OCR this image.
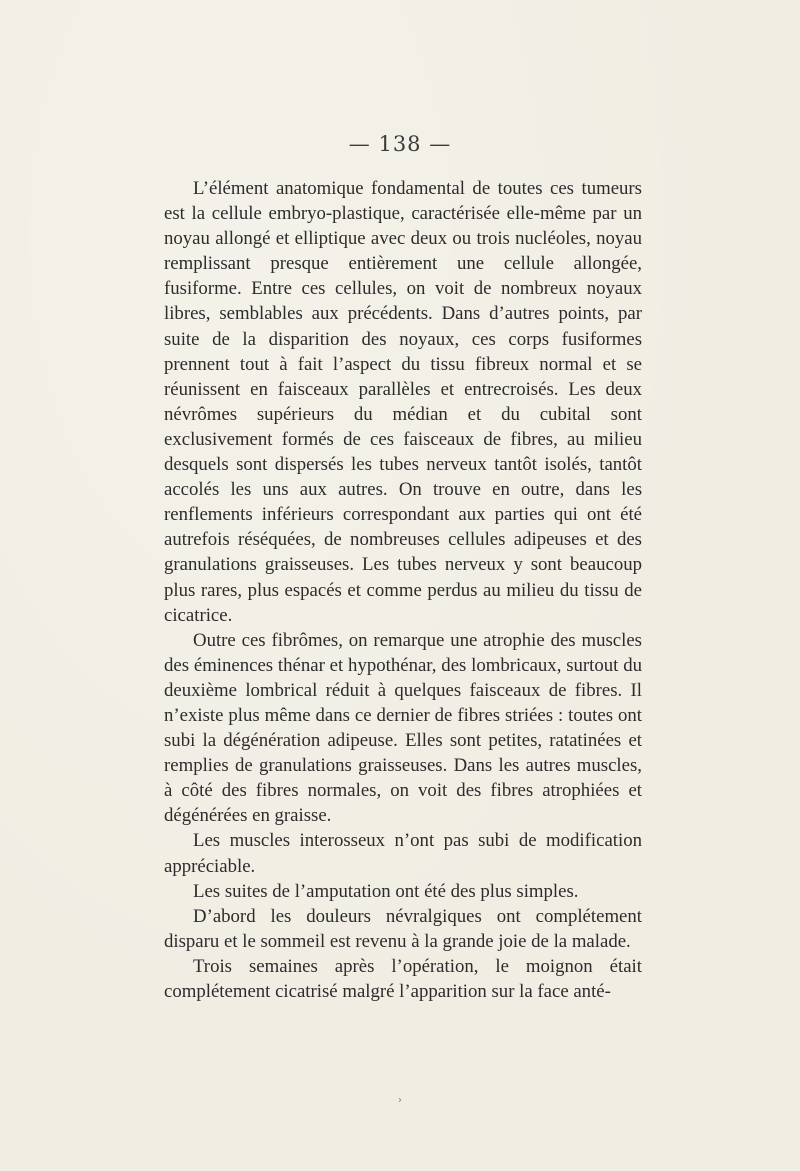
— 138 —

L’élément anatomique fondamental de toutes ces tumeurs est la cellule embryo-plastique, caractérisée elle-même par un noyau allongé et elliptique avec deux ou trois nucléoles, noyau remplissant presque entièrement une cellule allongée, fusiforme. Entre ces cellules, on voit de nombreux noyaux libres, semblables aux précédents. Dans d’autres points, par suite de la disparition des noyaux, ces corps fusiformes prennent tout à fait l’aspect du tissu fibreux normal et se réunissent en faisceaux parallèles et entrecroisés. Les deux névrômes supérieurs du médian et du cubital sont exclusivement formés de ces faisceaux de fibres, au milieu desquels sont dispersés les tubes nerveux tantôt isolés, tantôt accolés les uns aux autres. On trouve en outre, dans les renflements inférieurs correspondant aux parties qui ont été autrefois réséquées, de nombreuses cellules adipeuses et des granulations graisseuses. Les tubes nerveux y sont beaucoup plus rares, plus espacés et comme perdus au milieu du tissu de cicatrice.

Outre ces fibrômes, on remarque une atrophie des muscles des éminences thénar et hypothénar, des lombricaux, surtout du deuxième lombrical réduit à quelques faisceaux de fibres. Il n’existe plus même dans ce dernier de fibres striées : toutes ont subi la dégénération adipeuse. Elles sont petites, ratatinées et remplies de granulations graisseuses. Dans les autres muscles, à côté des fibres normales, on voit des fibres atrophiées et dégénérées en graisse.

Les muscles interosseux n’ont pas subi de modification appréciable.

Les suites de l’amputation ont été des plus simples.

D’abord les douleurs névralgiques ont complétement disparu et le sommeil est revenu à la grande joie de la malade.

Trois semaines après l’opération, le moignon était complétement cicatrisé malgré l’apparition sur la face anté-

›
